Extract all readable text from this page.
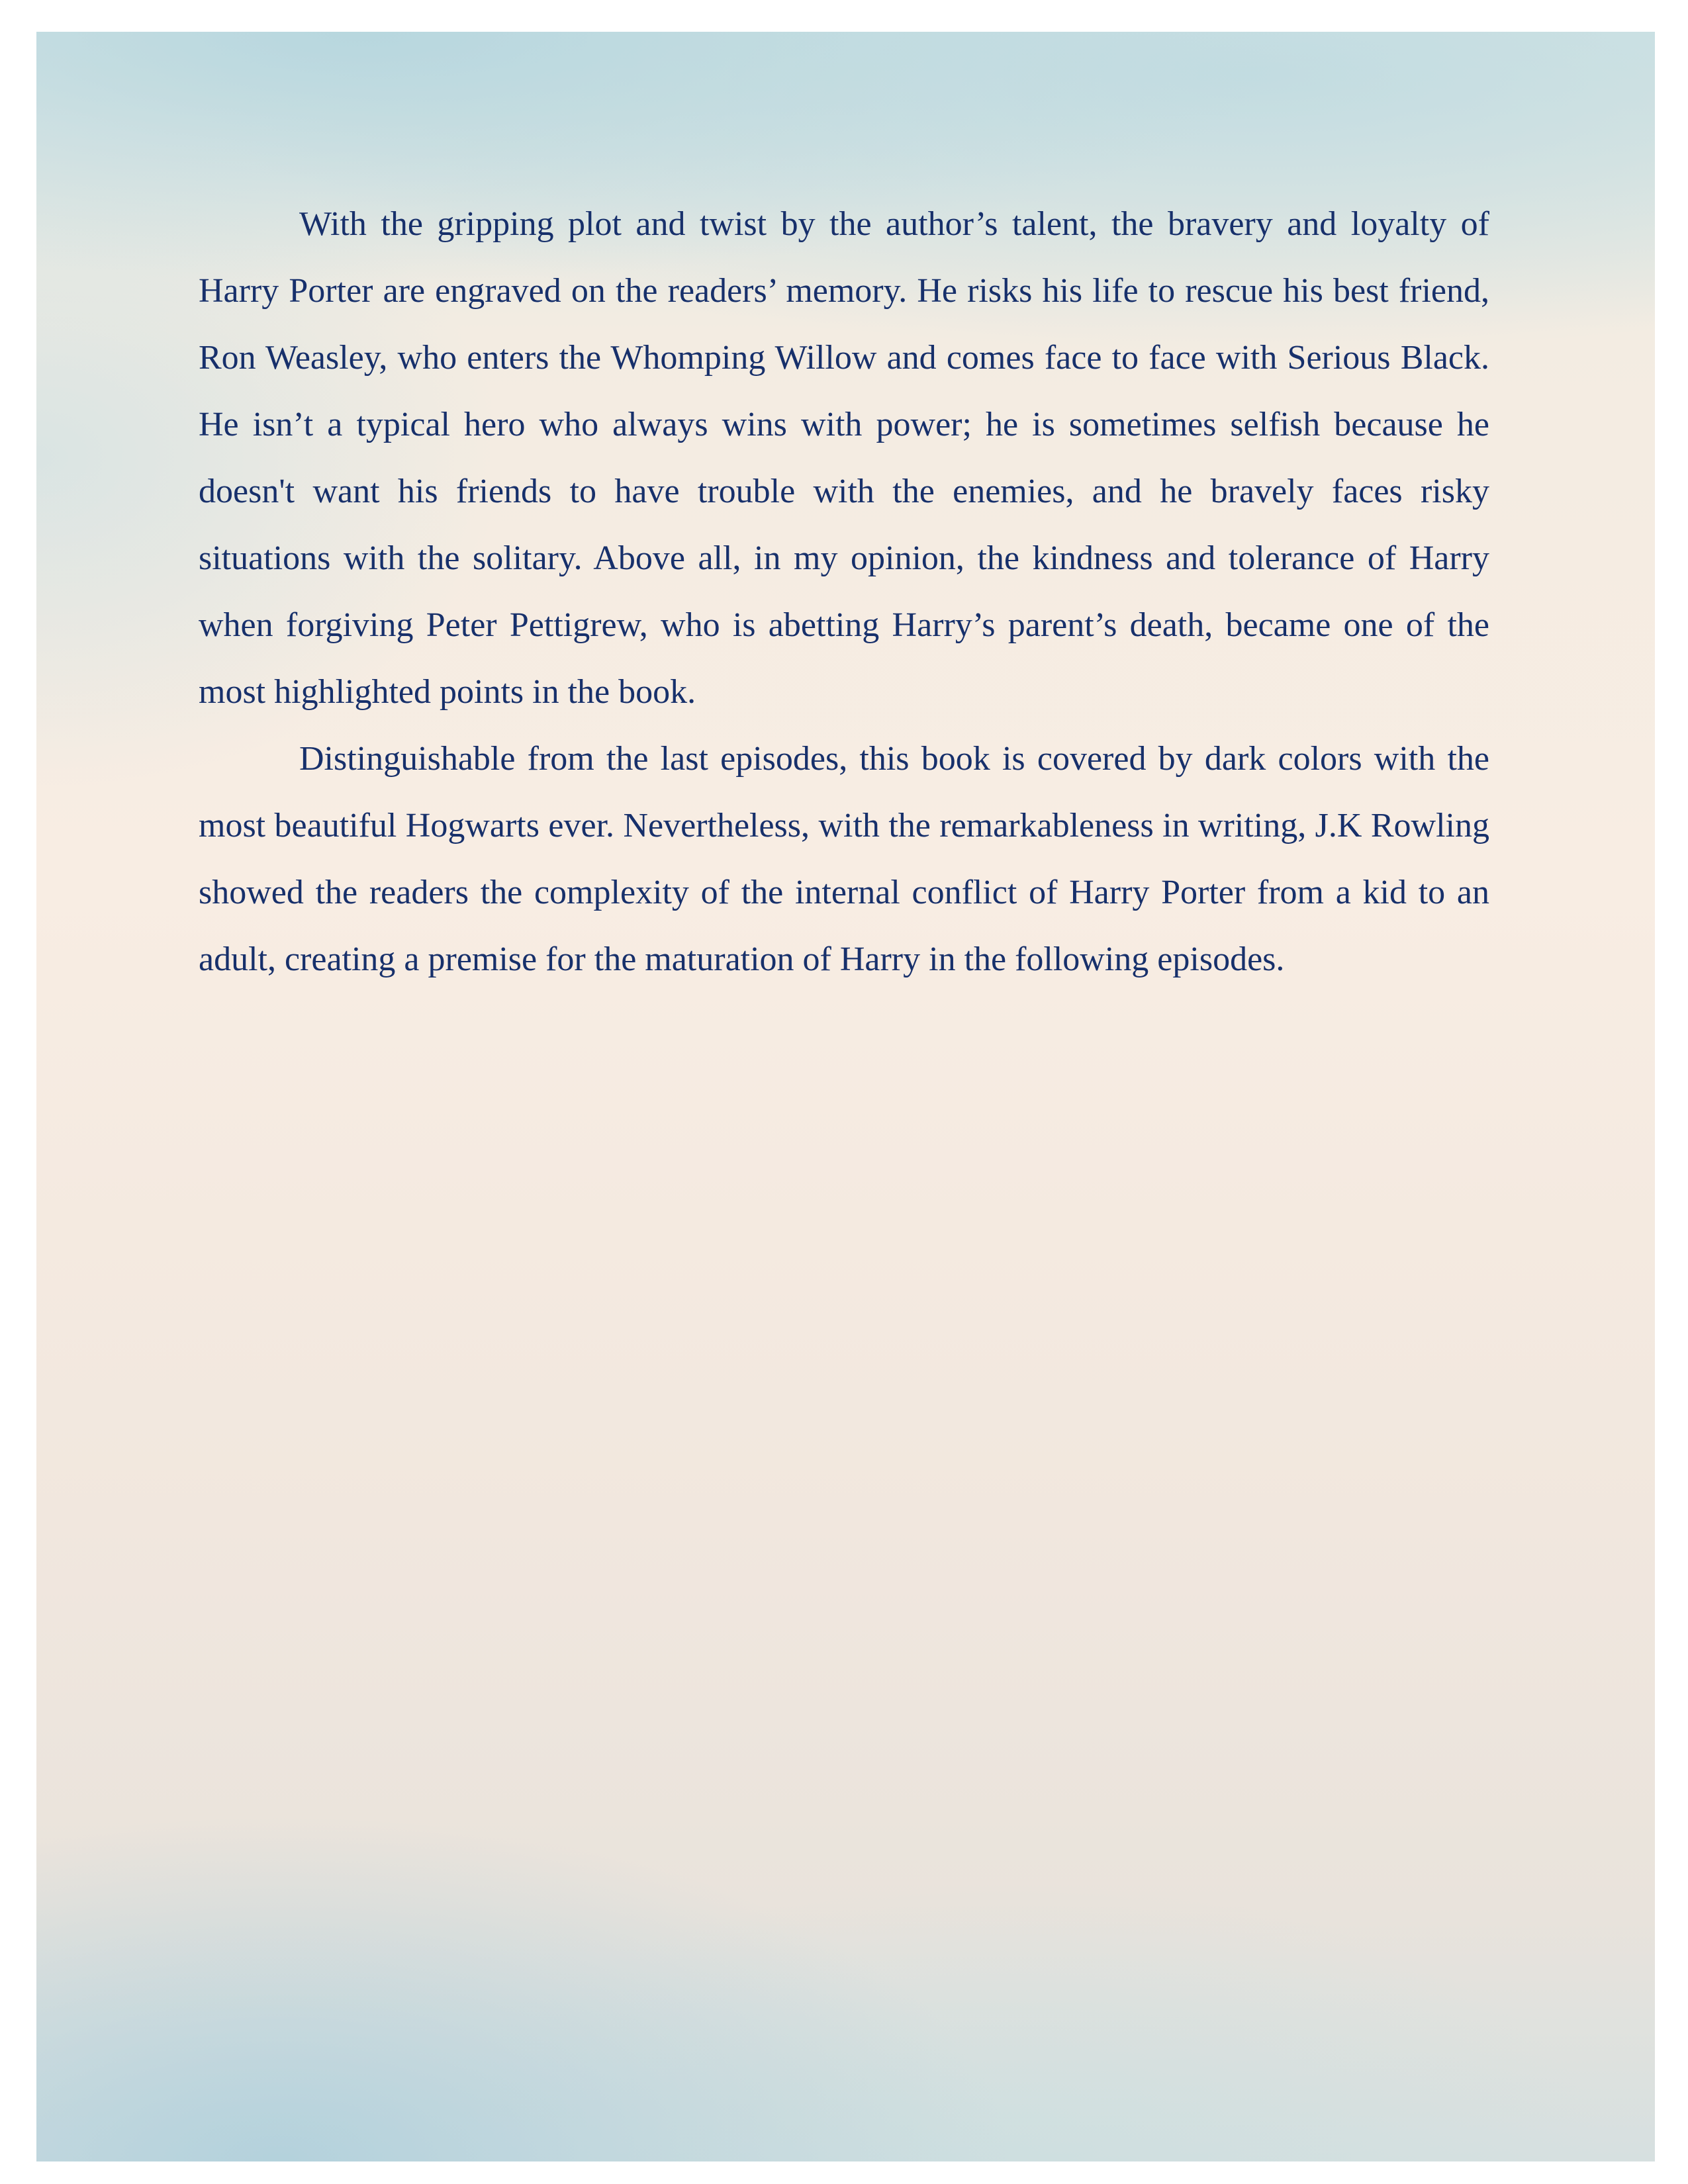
With the gripping plot and twist by the author’s talent, the bravery and loyalty of Harry Porter are engraved on the readers’ memory. He risks his life to rescue his best friend, Ron Weasley, who enters the Whomping Willow and comes face to face with Serious Black. He isn’t a typical hero who always wins with power; he is sometimes selfish because he doesn't want his friends to have trouble with the enemies, and he bravely faces risky situations with the solitary. Above all, in my opinion, the kindness and tolerance of Harry when forgiving Peter Pettigrew, who is abetting Harry’s parent’s death, became one of the most highlighted points in the book.

Distinguishable from the last episodes, this book is covered by dark colors with the most beautiful Hogwarts ever. Nevertheless, with the remarkableness in writing, J.K Rowling showed the readers the complexity of the internal conflict of Harry Porter from a kid to an adult, creating a premise for the maturation of Harry in the following episodes.
